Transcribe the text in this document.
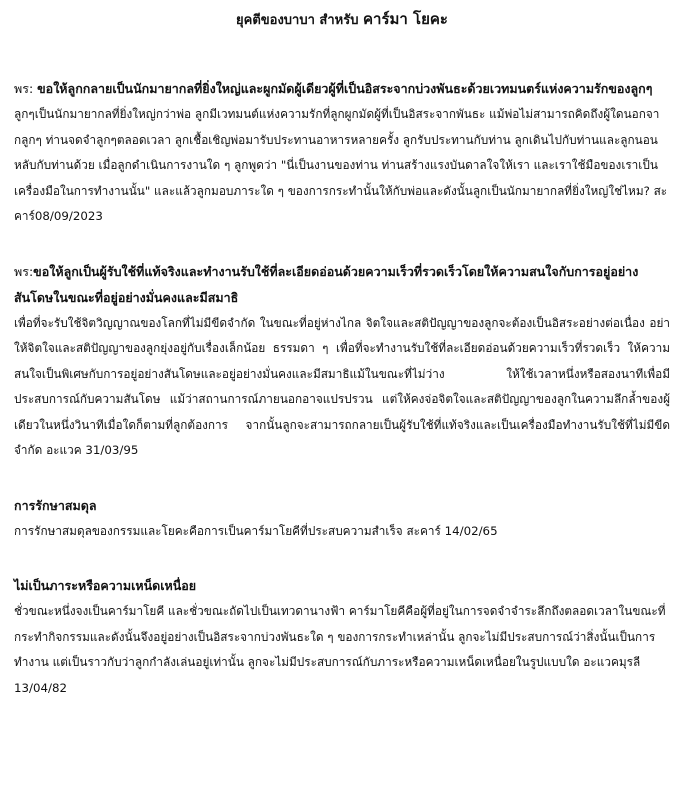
ยุคตีของบาบา สำหรับ คาร์มา โยคะ

พร: ขอให้ลูกกลายเป็นนักมายากลที่ยิ่งใหญ่และผูกมัดผู้เดียวผู้ที่เป็นอิสระจากบ่วงพันธะด้วยเวทมนตร์แห่งความรักของลูกๆ

ลูกๆเป็นนักมายากลที่ยิ่งใหญ่กว่าพ่อ ลูกมีเวทมนต์แห่งความรักที่ลูกผูกมัดผู้ที่เป็นอิสระจากพันธะ แม้พ่อไม่สามารถคิดถึงผู้ใดนอกจากลูกๆ ท่านจดจำลูกๆตลอดเวลา ลูกเชื้อเชิญพ่อมารับประทานอาหารหลายครั้ง ลูกรับประทานกับท่าน ลูกเดินไปกับท่านและลูกนอนหลับกับท่านด้วย เมื่อลูกดำเนินการงานใด ๆ ลูกพูดว่า "นี่เป็นงานของท่าน ท่านสร้างแรงบันดาลใจให้เรา และเราใช้มือของเราเป็นเครื่องมือในการทำงานนั้น" และแล้วลูกมอบภาระใด ๆ ของการกระทำนั้นให้กับพ่อและดังนั้นลูกเป็นนักมายากลที่ยิ่งใหญ่ใช่ไหม? สะคาร์08/09/2023

พร:ขอให้ลูกเป็นผู้รับใช้ที่แท้จริงและทำงานรับใช้ที่ละเอียดอ่อนด้วยความเร็วที่รวดเร็วโดยให้ความสนใจกับการอยู่อย่างสันโดษในขณะที่อยู่อย่างมั่นคงและมีสมาธิ

เพื่อที่จะรับใช้จิตวิญญาณของโลกที่ไม่มีขีดจำกัด ในขณะที่อยู่ห่างไกล จิตใจและสติปัญญาของลูกจะต้องเป็นอิสระอย่างต่อเนื่อง อย่าให้จิตใจและสติปัญญาของลูกยุ่งอยู่กับเรื่องเล็กน้อย ธรรมดา ๆ เพื่อที่จะทำงานรับใช้ที่ละเอียดอ่อนด้วยความเร็วที่รวดเร็ว ให้ความสนใจเป็นพิเศษกับการอยู่อย่างสันโดษและอยู่อย่างมั่นคงและมีสมาธิแม้ในขณะที่ไม่ว่าง ให้ใช้เวลาหนึ่งหรือสองนาทีเพื่อมีประสบการณ์กับความสันโดษ แม้ว่าสถานการณ์ภายนอกอาจแปรปรวน แต่ให้คงจ่อจิตใจและสติปัญญาของลูกในความลึกล้ำของผู้เดียวในหนึ่งวินาทีเมื่อใดก็ตามที่ลูกต้องการ จากนั้นลูกจะสามารถกลายเป็นผู้รับใช้ที่แท้จริงและเป็นเครื่องมือทำงานรับใช้ที่ไม่มีขีดจำกัด อะแวค 31/03/95

การรักษาสมดุล

การรักษาสมดุลของกรรมและโยคะคือการเป็นคาร์มาโยคีที่ประสบความสำเร็จ สะคาร์ 14/02/65

ไม่เป็นภาระหรือความเหน็ดเหนื่อย

ชั่วขณะหนึ่งจงเป็นคาร์มาโยคี และชั่วขณะถัดไปเป็นเทวดานางฟ้า คาร์มาโยคีคือผู้ที่อยู่ในการจดจำจำระลึกถึงตลอดเวลาในขณะที่กระทำกิจกรรมและดังนั้นจึงอยู่อย่างเป็นอิสระจากบ่วงพันธะใด ๆ ของการกระทำเหล่านั้น ลูกจะไม่มีประสบการณ์ว่าสิ่งนั้นเป็นการทำงาน แต่เป็นราวกับว่าลูกกำลังเล่นอยู่เท่านั้น ลูกจะไม่มีประสบการณ์กับภาระหรือความเหน็ดเหนื่อยในรูปแบบใด อะแวคมุรลี 13/04/82
